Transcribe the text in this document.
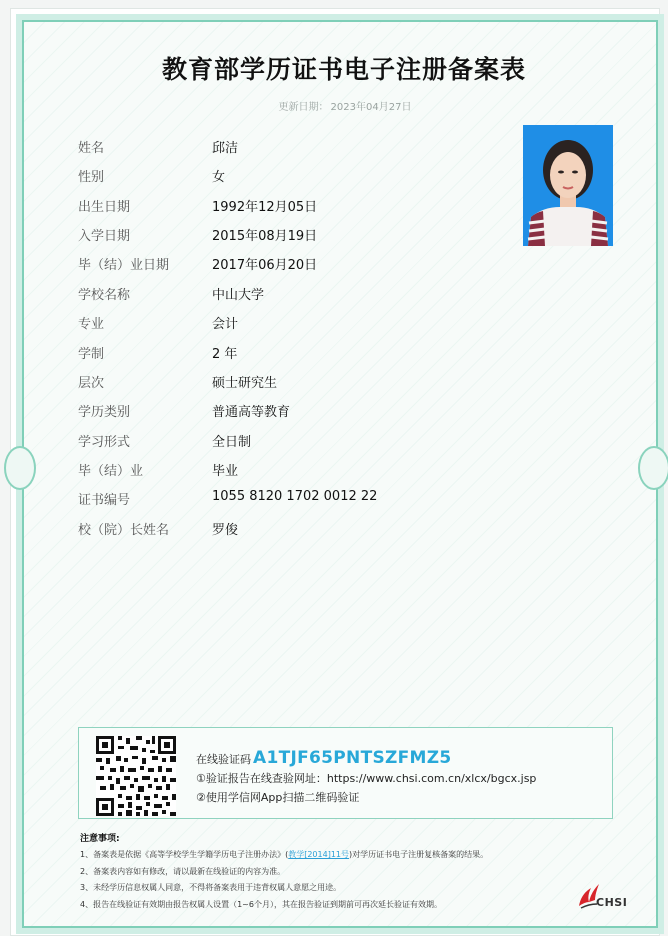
教育部学历证书电子注册备案表
更新日期： 2023年04月27日
姓名	邱洁
性别	女
出生日期	1992年12月05日
入学日期	2015年08月19日
毕（结）业日期	2017年06月20日
学校名称	中山大学
专业	会计
学制	2 年
层次	硕士研究生
学历类别	普通高等教育
学习形式	全日制
毕（结）业	毕业
证书编号	1055 8120 1702 0012 22
校（院）长姓名	罗俊
在线验证码 A1TJF65PNTSZFMZ5
①验证报告在线查验网址：https://www.chsi.com.cn/xlcx/bgcx.jsp
②使用学信网App扫描二维码验证
注意事项:
1、备案表是依据《高等学校学生学籍学历电子注册办法》(教学[2014]11号)对学历证书电子注册复核备案的结果。
2、备案表内容如有修改，请以最新在线验证的内容为准。
3、未经学历信息权属人同意，不得将备案表用于违背权属人意愿之用途。
4、报告在线验证有效期由报告权属人设置（1~6个月），其在报告验证到期前可再次延长验证有效期。	CHSI
